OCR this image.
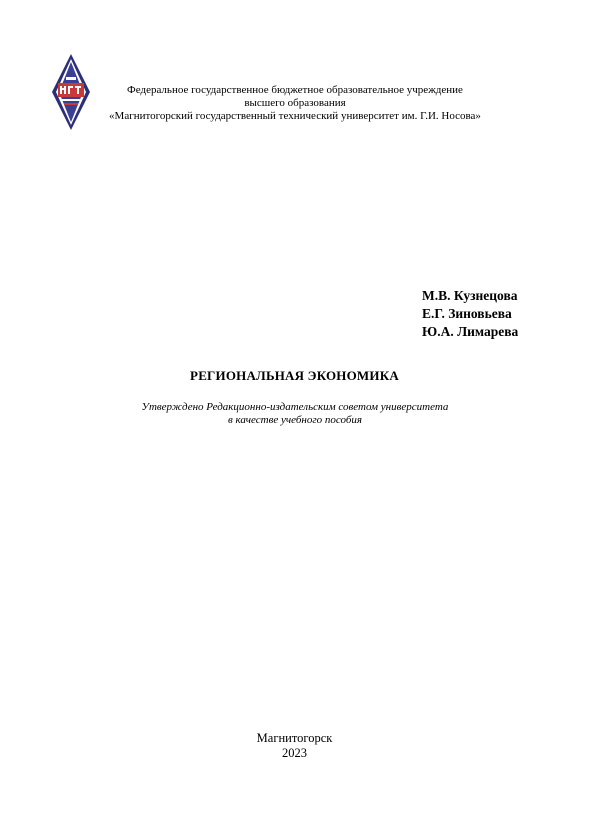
Федеральное государственное бюджетное образовательное учреждение
высшего образования
«Магнитогорский государственный технический университет им. Г.И. Носова»
М.В. Кузнецова
Е.Г. Зиновьева
Ю.А. Лимарева
РЕГИОНАЛЬНАЯ ЭКОНОМИКА
Утверждено Редакционно-издательским советом университета
в качестве учебного пособия
Магнитогорск
2023
